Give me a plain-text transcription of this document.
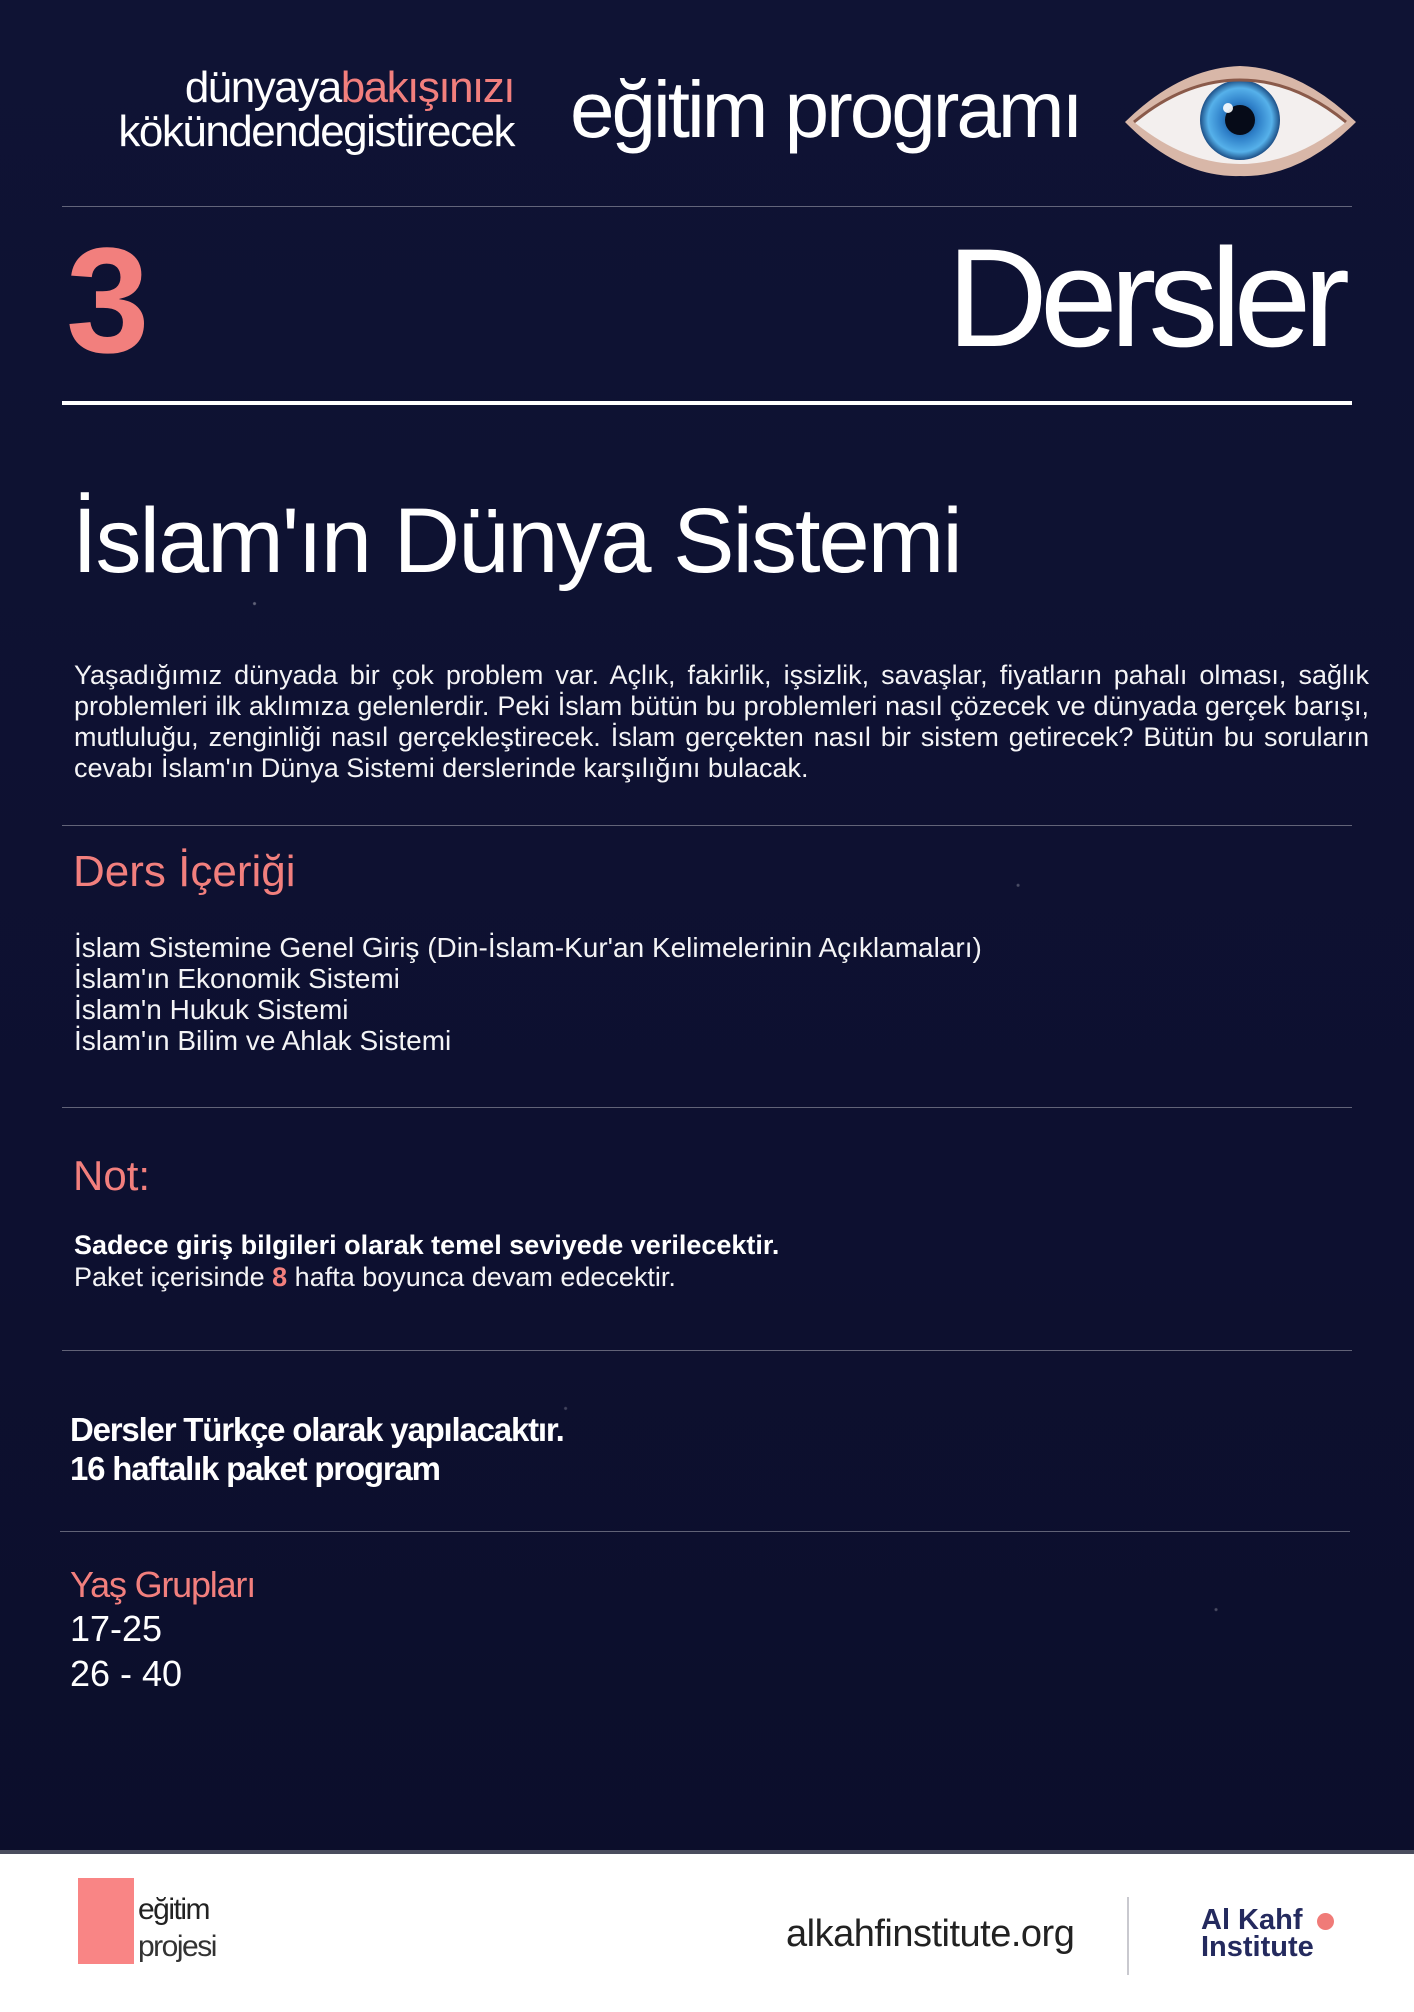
dünyayabakışınızı
kökündendegistirecek eğitim programı
3	Dersler
İslam'ın Dünya Sistemi
Yaşadığımız dünyada bir çok problem var. Açlık, fakirlik, işsizlik, savaşlar, fiyatların pahalı olması, sağlık problemleri ilk aklımıza gelenlerdir. Peki İslam bütün bu problemleri nasıl çözecek ve dünyada gerçek barışı, mutluluğu, zenginliği nasıl gerçekleştirecek. İslam gerçekten nasıl bir sistem getirecek? Bütün bu soruların cevabı İslam'ın Dünya Sistemi derslerinde karşılığını bulacak.
Ders İçeriği
İslam Sistemine Genel Giriş (Din-İslam-Kur'an Kelimelerinin Açıklamaları)
İslam'ın Ekonomik Sistemi
İslam'n Hukuk Sistemi
İslam'ın Bilim ve Ahlak Sistemi
Not:
Sadece giriş bilgileri olarak temel seviyede verilecektir.
Paket içerisinde 8 hafta boyunca devam edecektir.
Dersler Türkçe olarak yapılacaktır.
16 haftalık paket program
Yaş Grupları
17-25
26 - 40
eğitim
projesi	alkahfinstitute.org	Al Kahf
Institute
